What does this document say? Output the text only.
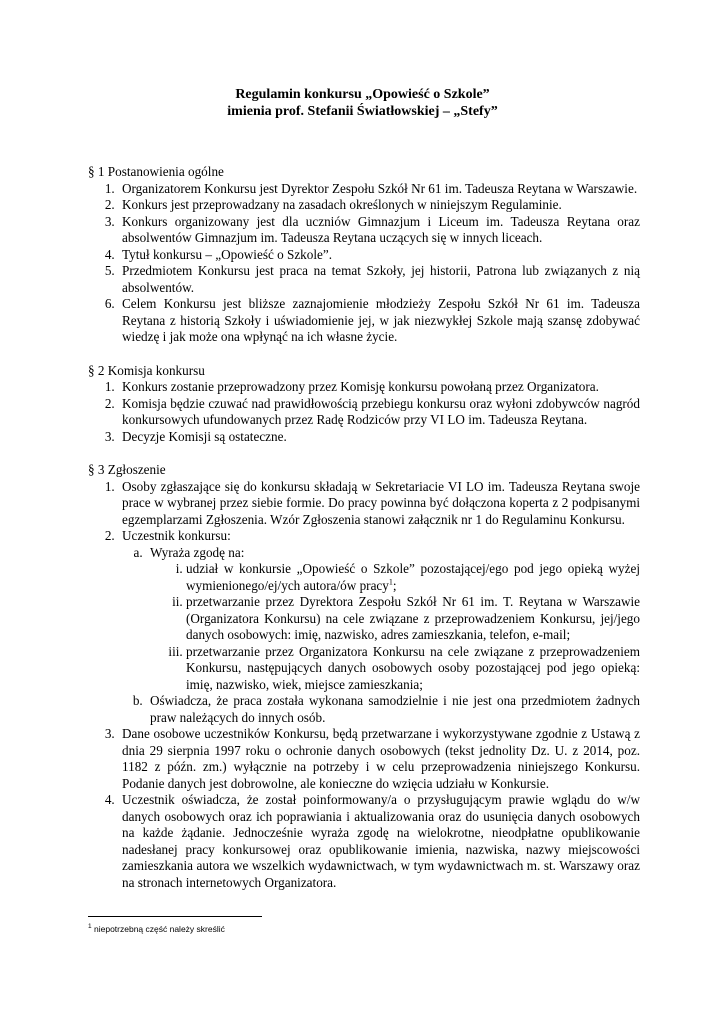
Regulamin konkursu „Opowieść o Szkole”
imienia prof. Stefanii Światłowskiej – „Stefy”

§ 1 Postanowienia ogólne

1. Organizatorem Konkursu jest Dyrektor Zespołu Szkół Nr 61 im. Tadeusza Reytana w Warszawie.
2. Konkurs jest przeprowadzany na zasadach określonych w niniejszym Regulaminie.
3. Konkurs organizowany jest dla uczniów Gimnazjum i Liceum im. Tadeusza Reytana oraz absolwentów Gimnazjum im. Tadeusza Reytana uczących się w innych liceach.
4. Tytuł konkursu – „Opowieść o Szkole”.
5. Przedmiotem Konkursu jest praca na temat Szkoły, jej historii, Patrona lub związanych z nią absolwentów.
6. Celem Konkursu jest bliższe zaznajomienie młodzieży Zespołu Szkół Nr 61 im. Tadeusza Reytana z historią Szkoły i uświadomienie jej, w jak niezwykłej Szkole mają szansę zdobywać wiedzę i jak może ona wpłynąć na ich własne życie.

§ 2 Komisja konkursu

1. Konkurs zostanie przeprowadzony przez Komisję konkursu powołaną przez Organizatora.
2. Komisja będzie czuwać nad prawidłowością przebiegu konkursu oraz wyłoni zdobywców nagród konkursowych ufundowanych przez Radę Rodziców przy VI LO im. Tadeusza Reytana.
3. Decyzje Komisji są ostateczne.

§ 3 Zgłoszenie

1. Osoby zgłaszające się do konkursu składają w Sekretariacie VI LO im. Tadeusza Reytana swoje prace w wybranej przez siebie formie. Do pracy powinna być dołączona koperta z 2 podpisanymi egzemplarzami Zgłoszenia. Wzór Zgłoszenia stanowi załącznik nr 1 do Regulaminu Konkursu.
2. Uczestnik konkursu:
a. Wyraża zgodę na:
i. udział w konkursie „Opowieść o Szkole” pozostającej/ego pod jego opieką wyżej wymienionego/ej/ych autora/ów pracy$^1$;
ii. przetwarzanie przez Dyrektora Zespołu Szkół Nr 61 im. T. Reytana w Warszawie (Organizatora Konkursu) na cele związane z przeprowadzeniem Konkursu, jej/jego danych osobowych: imię, nazwisko, adres zamieszkania, telefon, e-mail;
iii. przetwarzanie przez Organizatora Konkursu na cele związane z przeprowadzeniem Konkursu, następujących danych osobowych osoby pozostającej pod jego opieką: imię, nazwisko, wiek, miejsce zamieszkania;
b. Oświadcza, że praca została wykonana samodzielnie i nie jest ona przedmiotem żadnych praw należących do innych osób.
3. Dane osobowe uczestników Konkursu, będą przetwarzane i wykorzystywane zgodnie z Ustawą z dnia 29 sierpnia 1997 roku o ochronie danych osobowych (tekst jednolity Dz. U. z 2014, poz. 1182 z późn. zm.) wyłącznie na potrzeby i w celu przeprowadzenia niniejszego Konkursu. Podanie danych jest dobrowolne, ale konieczne do wzięcia udziału w Konkursie.
4. Uczestnik oświadcza, że został poinformowany/a o przysługującym prawie wglądu do w/w danych osobowych oraz ich poprawiania i aktualizowania oraz do usunięcia danych osobowych na każde żądanie. Jednocześnie wyraża zgodę na wielokrotne, nieodpłatne opublikowanie nadesłanej pracy konkursowej oraz opublikowanie imienia, nazwiska, nazwy miejscowości zamieszkania autora we wszelkich wydawnictwach, w tym wydawnictwach m. st. Warszawy oraz na stronach internetowych Organizatora.
$^1$ niepotrzebną część należy skreślić
